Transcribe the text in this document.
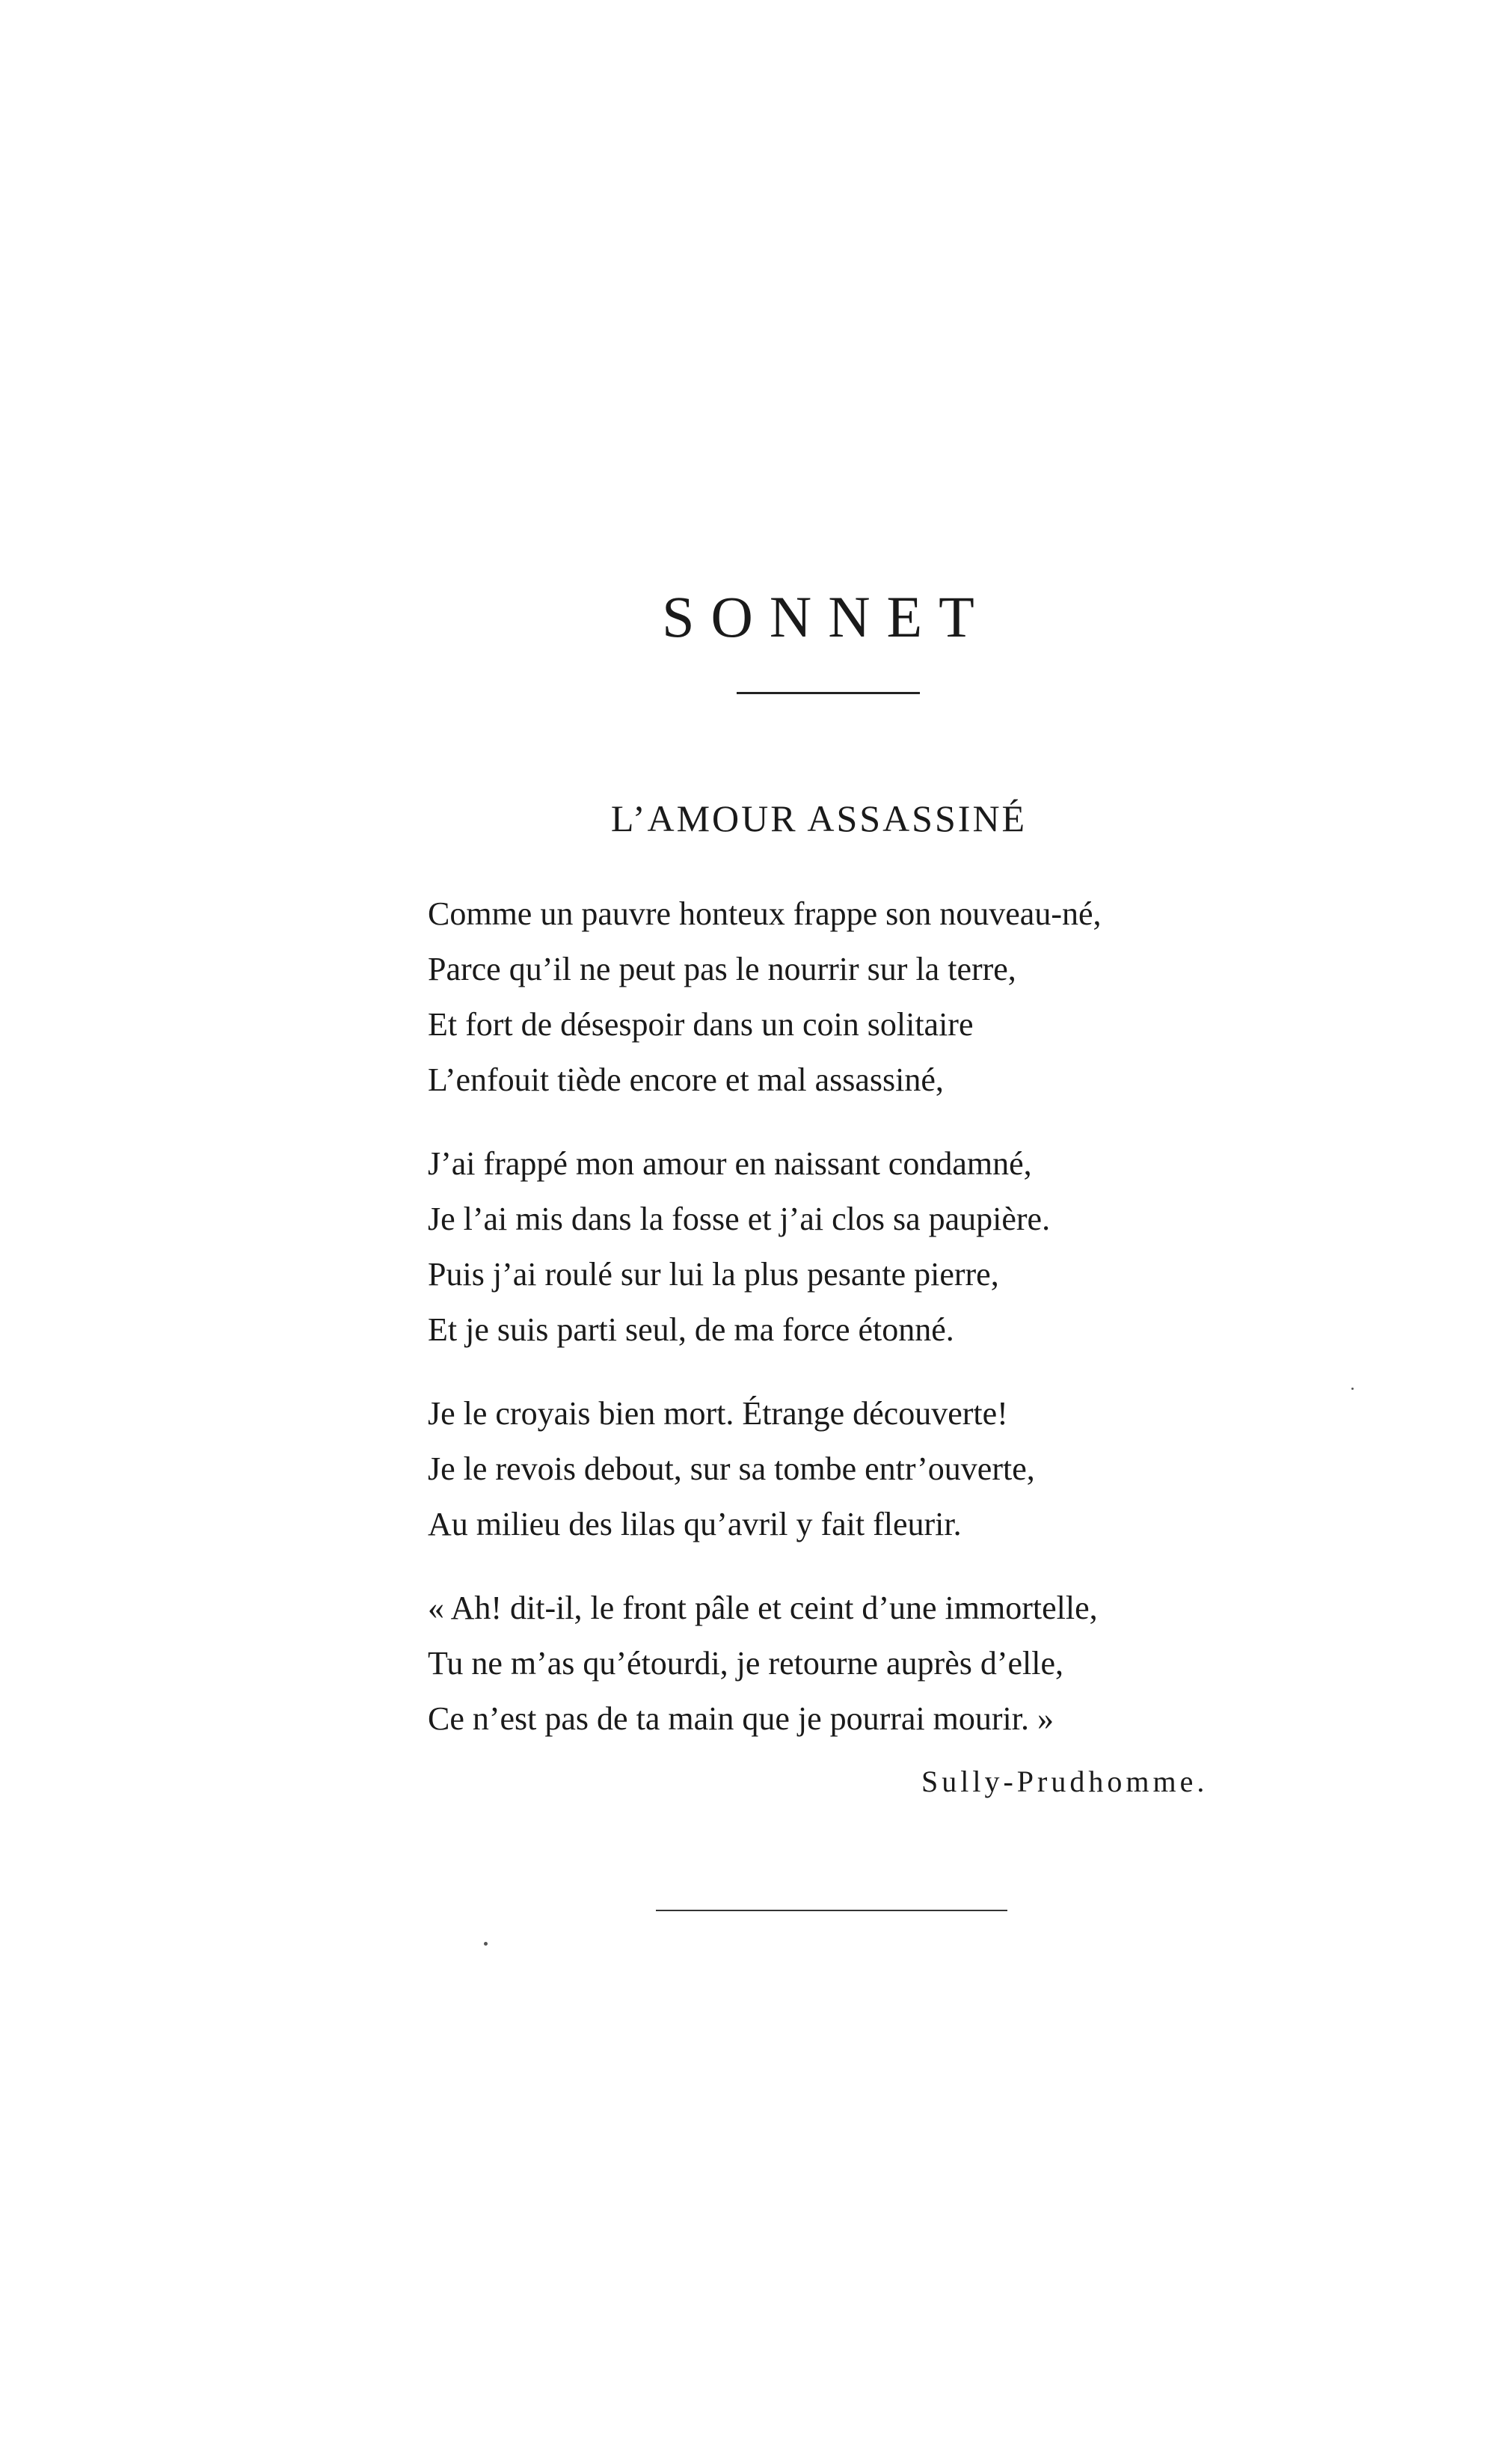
SONNET
L’AMOUR ASSASSINÉ
Comme un pauvre honteux frappe son nouveau-né,
Parce qu’il ne peut pas le nourrir sur la terre,
Et fort de désespoir dans un coin solitaire
L’enfouit tiède encore et mal assassiné,
J’ai frappé mon amour en naissant condamné,
Je l’ai mis dans la fosse et j’ai clos sa paupière.
Puis j’ai roulé sur lui la plus pesante pierre,
Et je suis parti seul, de ma force étonné.
Je le croyais bien mort. Étrange découverte!
Je le revois debout, sur sa tombe entr’ouverte,
Au milieu des lilas qu’avril y fait fleurir.
« Ah! dit-il, le front pâle et ceint d’une immortelle,
Tu ne m’as qu’étourdi, je retourne auprès d’elle,
Ce n’est pas de ta main que je pourrai mourir. »
Sully-Prudhomme.
